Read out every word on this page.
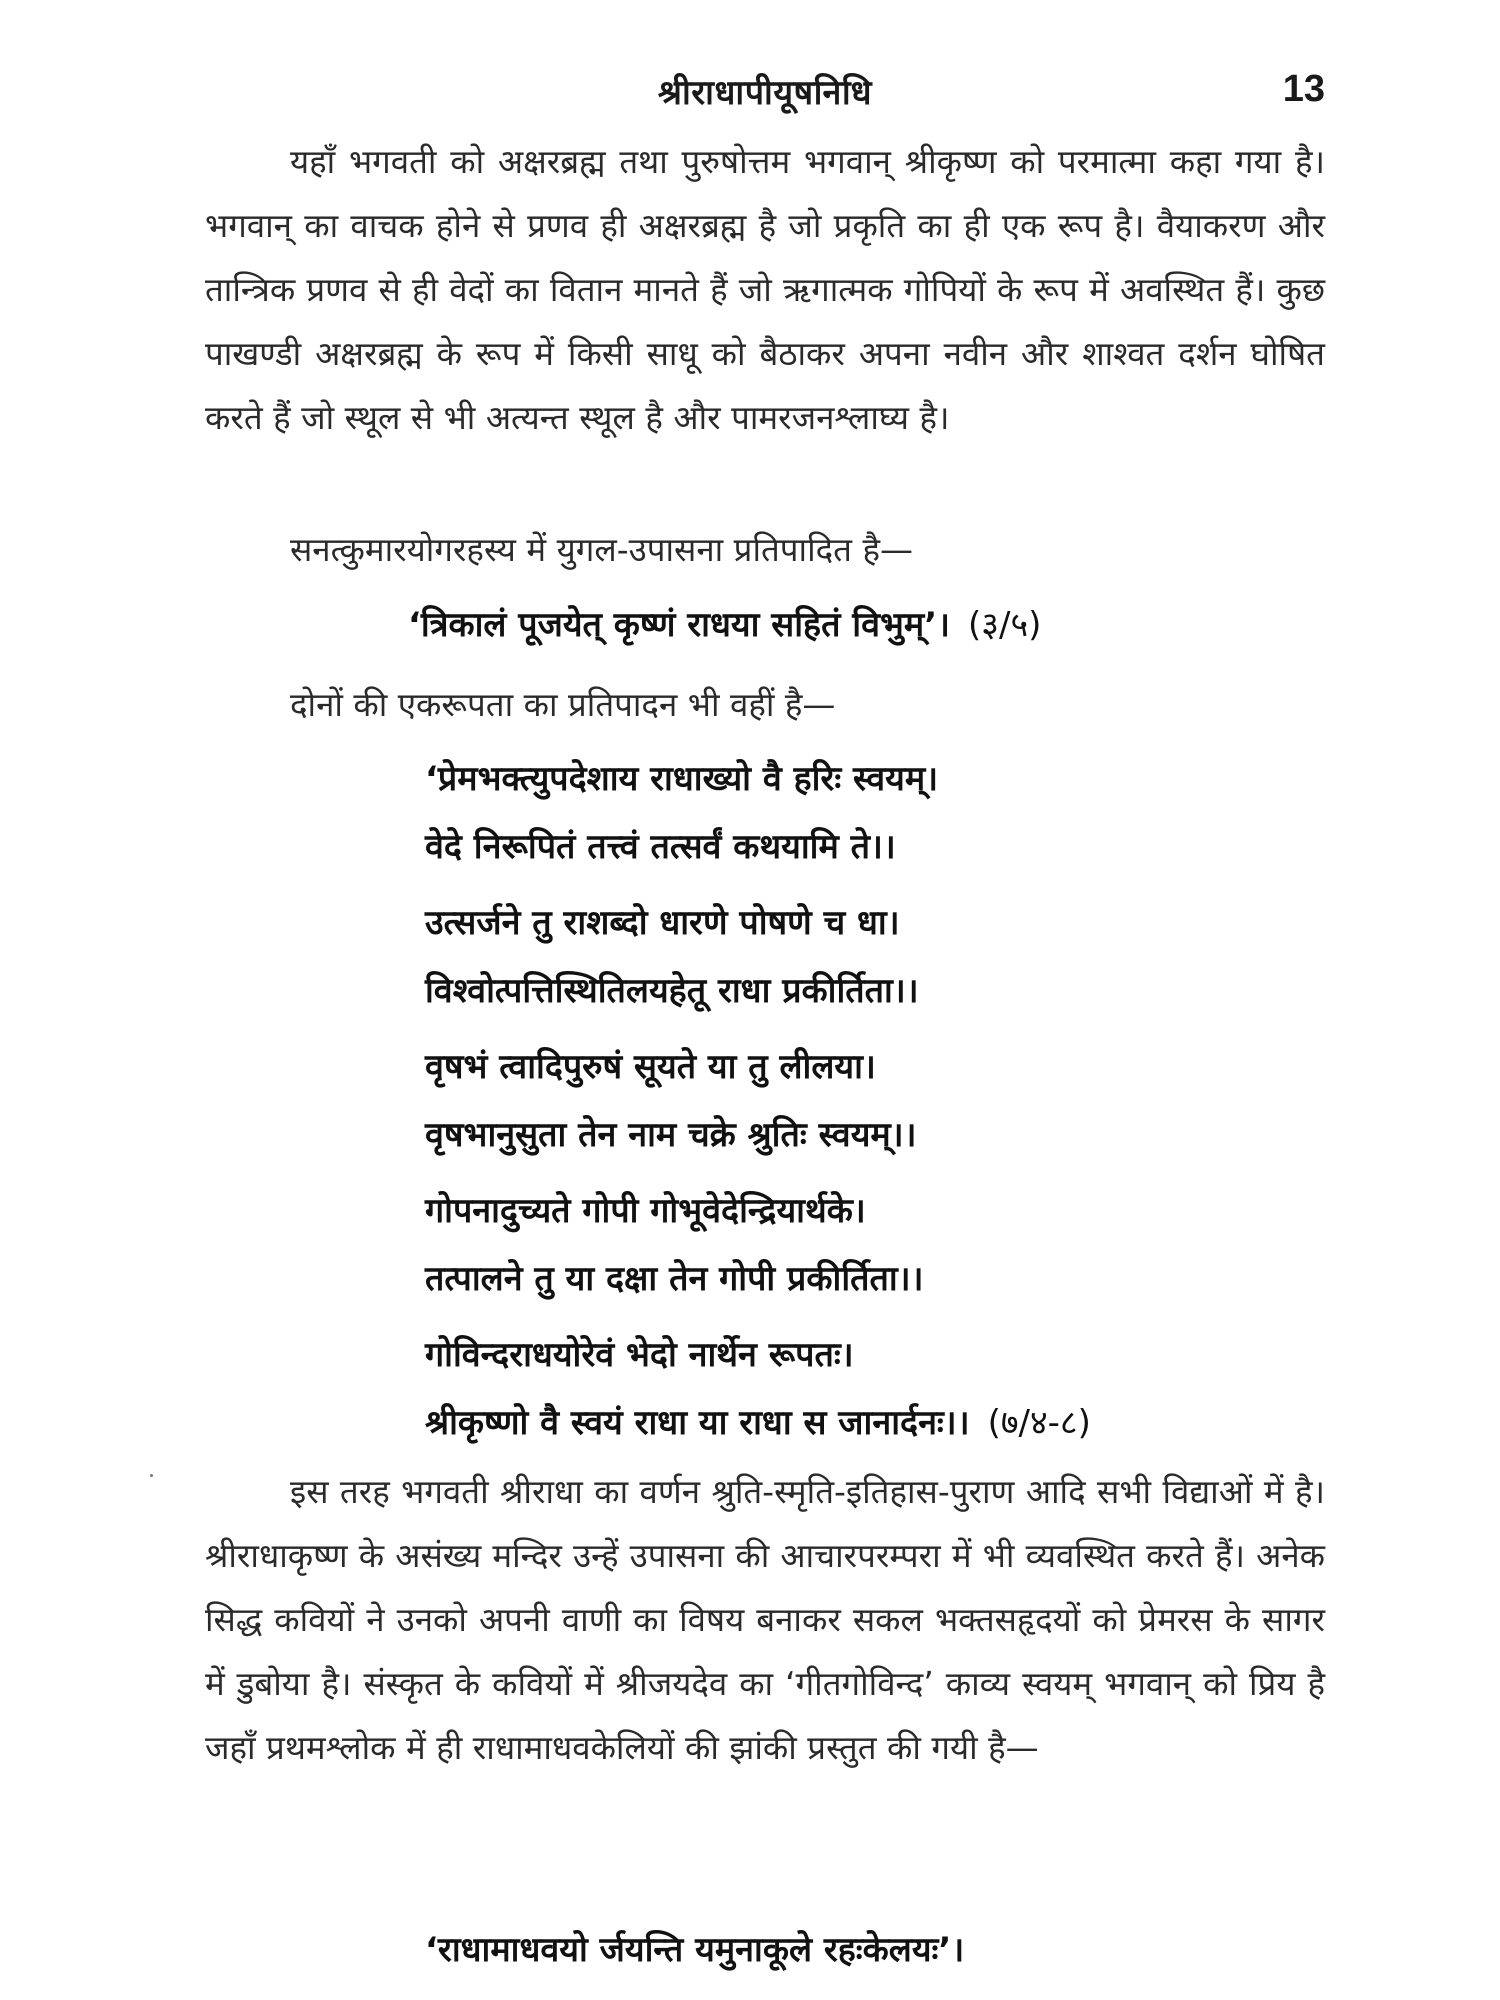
श्रीराधापीयूषनिधि	13

यहाँ भगवती को अक्षरब्रह्म तथा पुरुषोत्तम भगवान् श्रीकृष्ण को परमात्मा कहा गया है। भगवान् का वाचक होने से प्रणव ही अक्षरब्रह्म है जो प्रकृति का ही एक रूप है। वैयाकरण और तान्त्रिक प्रणव से ही वेदों का वितान मानते हैं जो ऋगात्मक गोपियों के रूप में अवस्थित हैं। कुछ पाखण्डी अक्षरब्रह्म के रूप में किसी साधू को बैठाकर अपना नवीन और शाश्वत दर्शन घोषित करते हैं जो स्थूल से भी अत्यन्त स्थूल है और पामरजनश्लाघ्य है।

सनत्कुमारयोगरहस्य में युगल-उपासना प्रतिपादित है—

‘त्रिकालं पूजयेत् कृष्णं राधया सहितं विभुम्’। (३/५)

दोनों की एकरूपता का प्रतिपादन भी वहीं है—

‘प्रेमभक्त्युपदेशाय राधाख्यो वै हरिः स्वयम्।
वेदे निरूपितं तत्त्वं तत्सर्वं कथयामि ते।।
उत्सर्जने तु राशब्दो धारणे पोषणे च धा।
विश्वोत्पत्तिस्थितिलयहेतू राधा प्रकीर्तिता।।
वृषभं त्वादिपुरुषं सूयते या तु लीलया।
वृषभानुसुता तेन नाम चक्रे श्रुतिः स्वयम्।।
गोपनादुच्यते गोपी गोभूवेदेन्द्रियार्थके।
तत्पालने तु या दक्षा तेन गोपी प्रकीर्तिता।।
गोविन्दराधयोरेवं भेदो नार्थेन रूपतः।
श्रीकृष्णो वै स्वयं राधा या राधा स जानार्दनः।। (७/४-८)

इस तरह भगवती श्रीराधा का वर्णन श्रुति-स्मृति-इतिहास-पुराण आदि सभी विद्याओं में है। श्रीराधाकृष्ण के असंख्य मन्दिर उन्हें उपासना की आचारपरम्परा में भी व्यवस्थित करते हैं। अनेक सिद्ध कवियों ने उनको अपनी वाणी का विषय बनाकर सकल भक्तसहृदयों को प्रेमरस के सागर में डुबोया है। संस्कृत के कवियों में श्रीजयदेव का ‘गीतगोविन्द’ काव्य स्वयम् भगवान् को प्रिय है जहाँ प्रथमश्लोक में ही राधामाधवकेलियों की झांकी प्रस्तुत की गयी है—

‘राधामाधवयो र्जयन्ति यमुनाकूले रहःकेलयः’।
